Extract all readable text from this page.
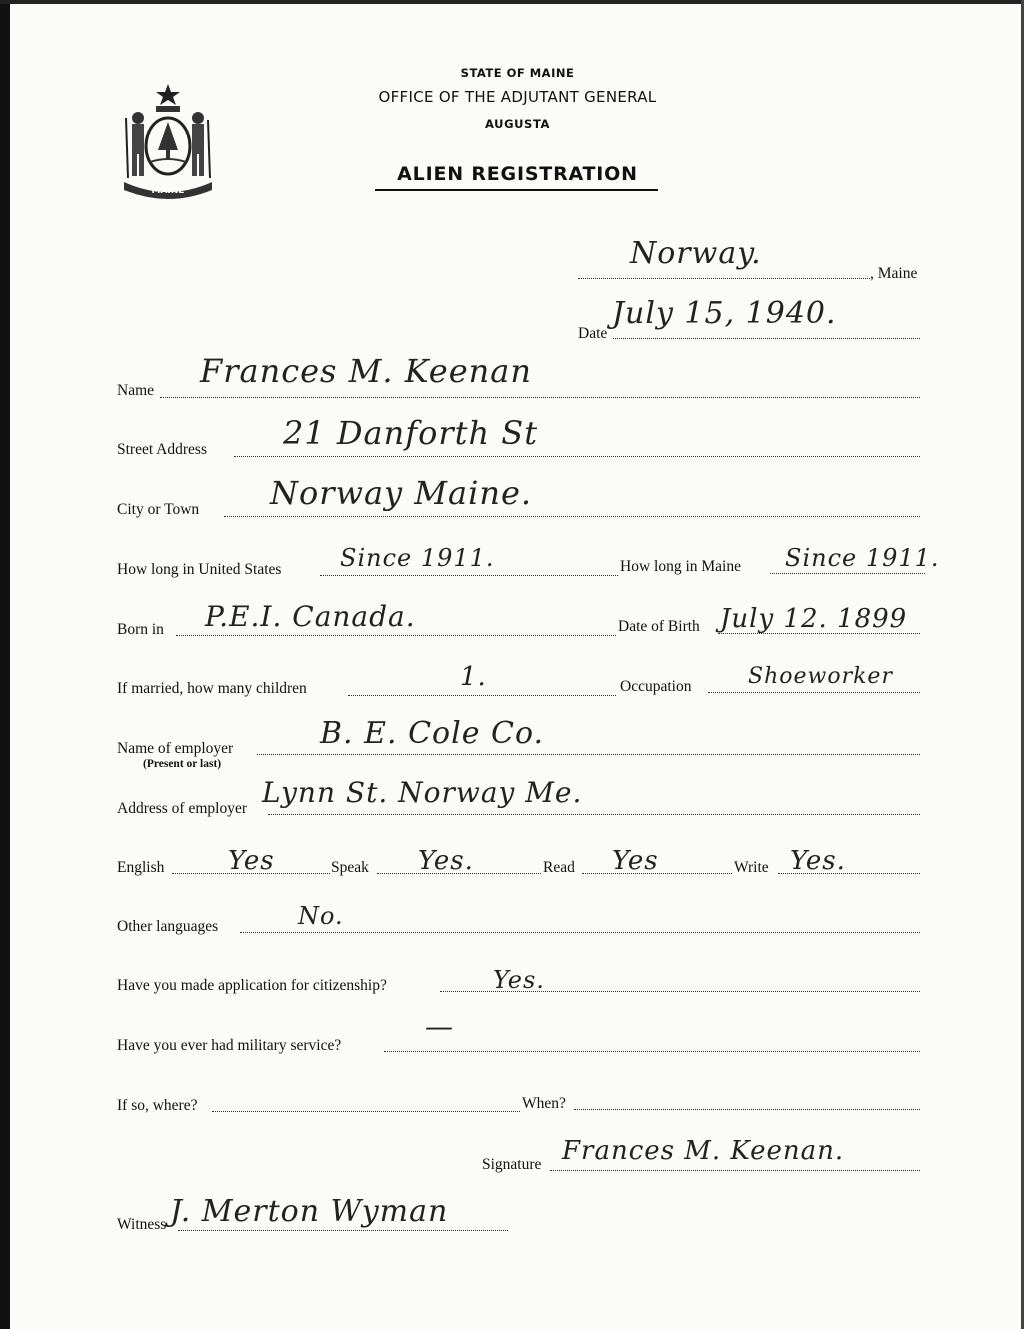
MAINE
STATE OF MAINE
OFFICE OF THE ADJUTANT GENERAL
AUGUSTA
ALIEN REGISTRATION
Norway.
, Maine
Date
July 15, 1940.
Name
Frances M. Keenan
Street Address 21 Danforth St
City or Town Norway Maine.
How long in United States Since 1911.	How long in Maine Since 1911.
Born in P.E.I. Canada.	Date of Birth July 12. 1899
If married, how many children	1.	Occupation	Shoeworker
Name of employer
(Present or last)
B. E. Cole Co.
Address of employer Lynn St. Norway Me.
English Yes	Speak Yes.	Read Yes	Write Yes.
Other languages	No.
Have you made application for citizenship?	Yes.
Have you ever had military service?
—
If so, where?	When?
Signature Frances M. Keenan.
Witness J. Merton Wyman
